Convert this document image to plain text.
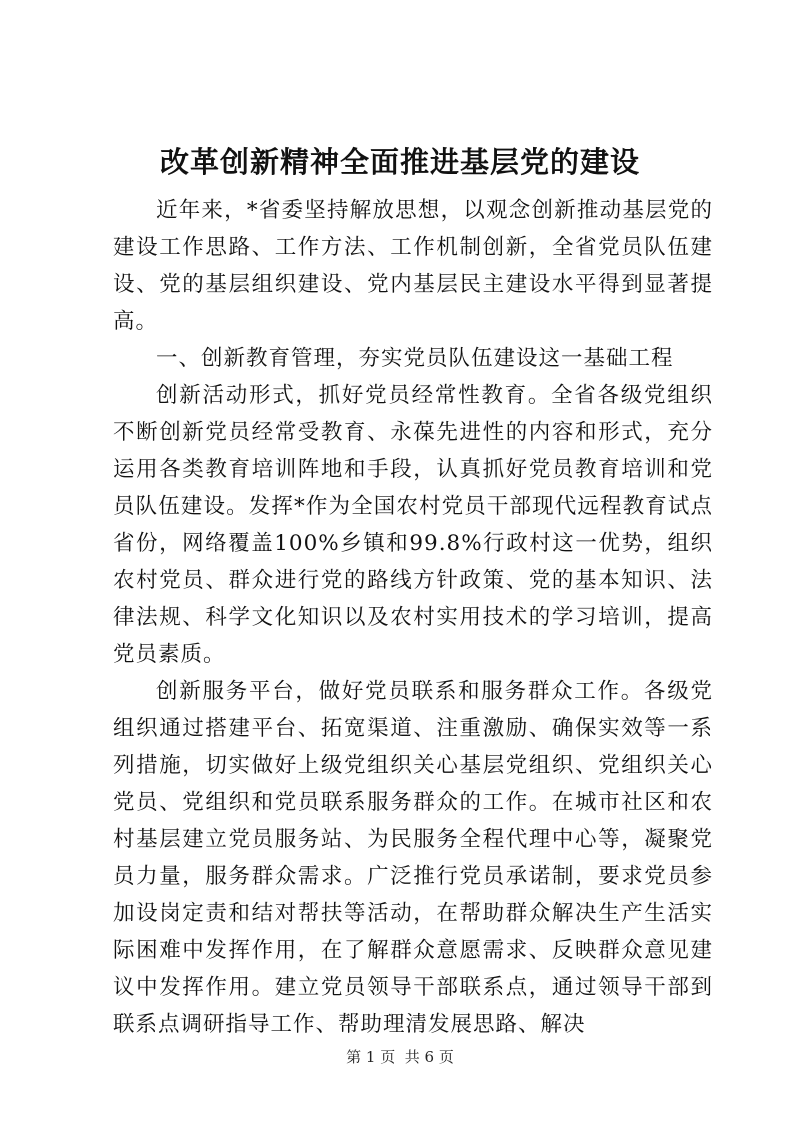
改革创新精神全面推进基层党的建设

近年来，*省委坚持解放思想，以观念创新推动基层党的建设工作思路、工作方法、工作机制创新，全省党员队伍建设、党的基层组织建设、党内基层民主建设水平得到显著提高。

一、创新教育管理，夯实党员队伍建设这一基础工程

创新活动形式，抓好党员经常性教育。全省各级党组织不断创新党员经常受教育、永葆先进性的内容和形式，充分运用各类教育培训阵地和手段，认真抓好党员教育培训和党员队伍建设。发挥*作为全国农村党员干部现代远程教育试点省份，网络覆盖100%乡镇和99.8%行政村这一优势，组织农村党员、群众进行党的路线方针政策、党的基本知识、法律法规、科学文化知识以及农村实用技术的学习培训，提高党员素质。

创新服务平台，做好党员联系和服务群众工作。各级党组织通过搭建平台、拓宽渠道、注重激励、确保实效等一系列措施，切实做好上级党组织关心基层党组织、党组织关心党员、党组织和党员联系服务群众的工作。在城市社区和农村基层建立党员服务站、为民服务全程代理中心等，凝聚党员力量，服务群众需求。广泛推行党员承诺制，要求党员参加设岗定责和结对帮扶等活动，在帮助群众解决生产生活实际困难中发挥作用，在了解群众意愿需求、反映群众意见建议中发挥作用。建立党员领导干部联系点，通过领导干部到联系点调研指导工作、帮助理清发展思路、解决

第 1 页  共 6 页
